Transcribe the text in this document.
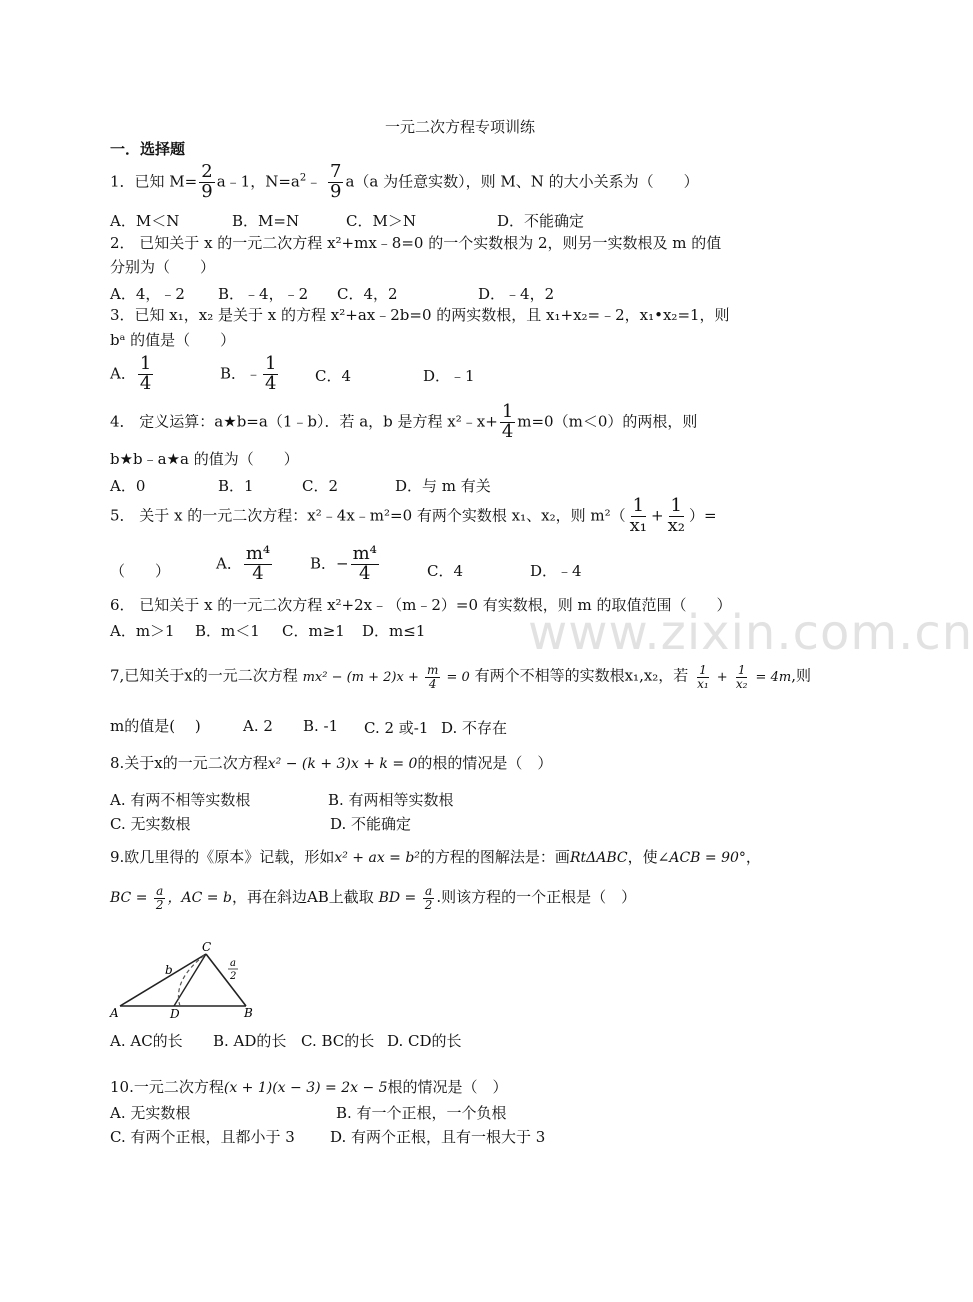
一元二次方程专项训练
一．选择题
www.zixin.com.cn
1．已知 $M= \frac{2}{9}$ a﹣1，$N=a^2﹣ \frac{7}{9} a(a$ 为任意实数），则 M、N 的大小关系为（　　）
A．M＜N	B．M=N	C．M＞N	D．不能确定
2． 已知关于 x 的一元二次方程 x²+mx﹣8=0 的一个实数根为 2，则另一实数根及 m 的值
分别为（　　）
A．4，﹣2 B．﹣4，﹣2 C．4，2	D．﹣4，2
3．已知 x₁，x₂ 是关于 x 的方程 x²+ax﹣2b=0 的两实数根，且 x₁+x₂=﹣2，x₁•x₂=1，则
bᵃ 的值是（　　）
A． $\frac{1}{4}$	B．﹣ $\frac{1}{4}$ C．4	D．﹣1
4． 定义运算：a★b=a（1﹣b）．若 a，b 是方程 x²﹣x+ $\frac{1}{4} m=0(m<0)$的两根，则
b★b﹣a★a 的值为（　　）
A．0	B．1	C．2	D．与 m 有关
5． 关于 x 的一元二次方程：x²﹣4x﹣m²=0 有两个实数根 x₁、x₂，则 $m^2( \frac{1}{\text{x₁}} + \frac{1}{\text{x₂}}$ ）=
（　　）	A． $\frac{\text{m⁴}}{4}$	B．− $\frac{\text{m⁴}}{4}$	C．4	D．﹣4
6． 已知关于 x 的一元二次方程 x²+2x﹣（m﹣2）=0 有实数根，则 m 的取值范围（　　）
A．m＞1 B．m＜1 C．m≥1 D．m≤1
7,已知关于x的一元二次方程 $mx^2 - (m + 2)x + \frac{m}{4} = 0$ 有两个不相等的实数根x₁,x₂，若 $\frac{1}{\text{x₁}} + \frac{1}{\text{x₂}} = 4m$,则
m的值是(　 )	A. 2 B. -1 C. 2 或-1 D. 不存在
8.关于x的一元二次方程x² − (k + 3)x + k = 0的根的情况是（　）
A. 有两不相等实数根	B. 有两相等实数根
C. 无实数根	D. 不能确定
9.欧几里得的《原本》记载，形如x² + ax = b²的方程的图解法是：画RtΔABC，使∠ACB = 90°，
BC = $\frac{a}{2}$ ，AC = b，再在斜边AB上截取 BD = $\frac{a}{2}$ .则该方程的一个正根是（　）
C
A	D	B
b	a
2
A. AC的长 B. AD的长 C. BC的长 D. CD的长
10.一元二次方程(x + 1)(x − 3) = 2x − 5根的情况是（　）
A. 无实数根	B. 有一个正根，一个负根
C. 有两个正根，且都小于 3 D. 有两个正根，且有一根大于 3
